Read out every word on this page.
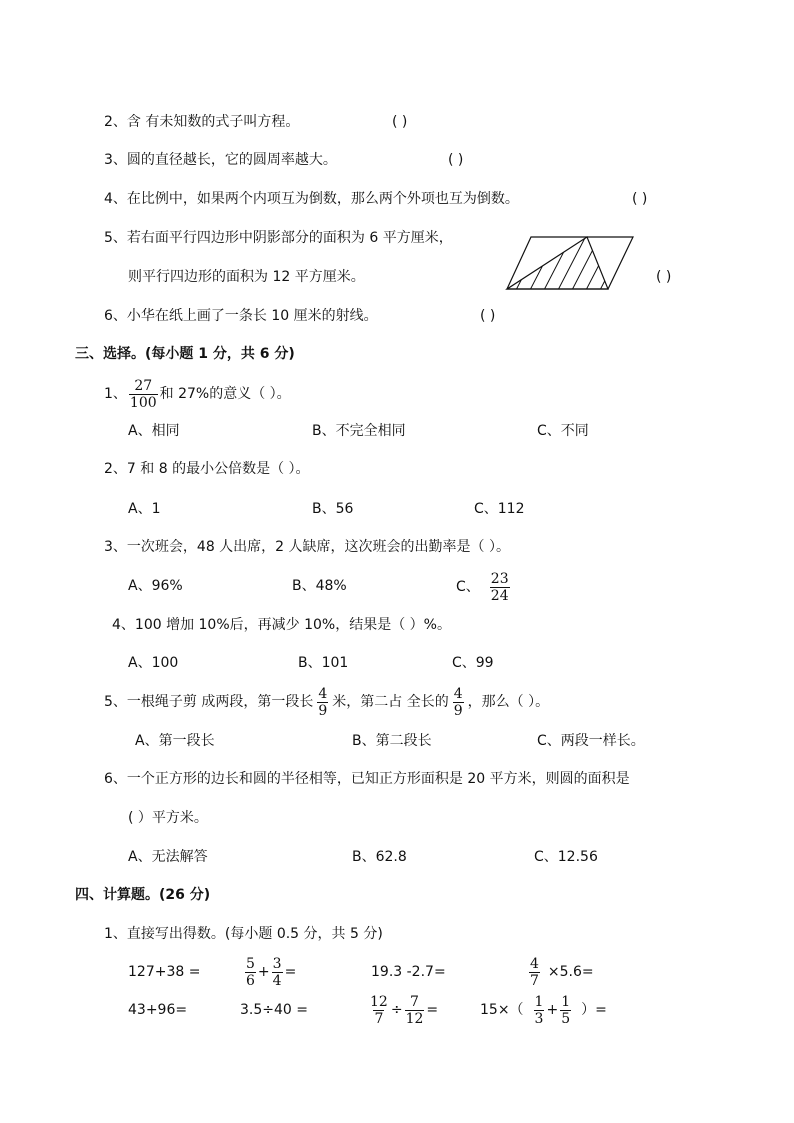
2、含 有未知数的式子叫方程。	( )
3、圆的直径越长，它的圆周率越大。	( )
4、在比例中，如果两个内项互为倒数，那么两个外项也互为倒数。	( )
5、若右面平行四边形中阴影部分的面积为 6 平方厘米，
则平行四边形的面积为 12 平方厘米。	( )
6、小华在纸上画了一条长 10 厘米的射线。	( )
三、选择。(每小题 1 分，共 6 分)
1、 $\frac{27}{100}$ 和 27%的意义（ ）。
A、相同	B、不完全相同	C、不同
2、7 和 8 的最小公倍数是（ ）。
A、1	B、56	C、112
3、一次班会，48 人出席，2 人缺席，这次班会的出勤率是（ ）。
A、96%	B、48%	C、 $\frac{23}{24}$
4、100 增加 10%后，再减少 10%，结果是（ ）%。
A、100	B、101	C、99
5、一根绳子剪 成两段，第一段长 $\frac{4}{9}$ 米，第二占 全长的 $\frac{4}{9}$ ，那么（ ）。
A、第一段长	B、第二段长	C、两段一样长。
6、一个正方形的边长和圆的半径相等，已知正方形面积是 20 平方米，则圆的面积是
( ）平方米。
A、无法解答	B、62.8	C、12.56
四、计算题。(26 分)
1、直接写出得数。(每小题 0.5 分，共 5 分)
127+38 =	$\frac{5}{6} + \frac{3}{4}$ =	19.3 -2.7=	$\frac{4}{7} \times 5.6=$
43+96=	3.5÷40 =	$\frac{12}{7} \div \frac{7}{12}$ =	$15\times( \frac{1}{3} + \frac{1}{5}$ ）=
